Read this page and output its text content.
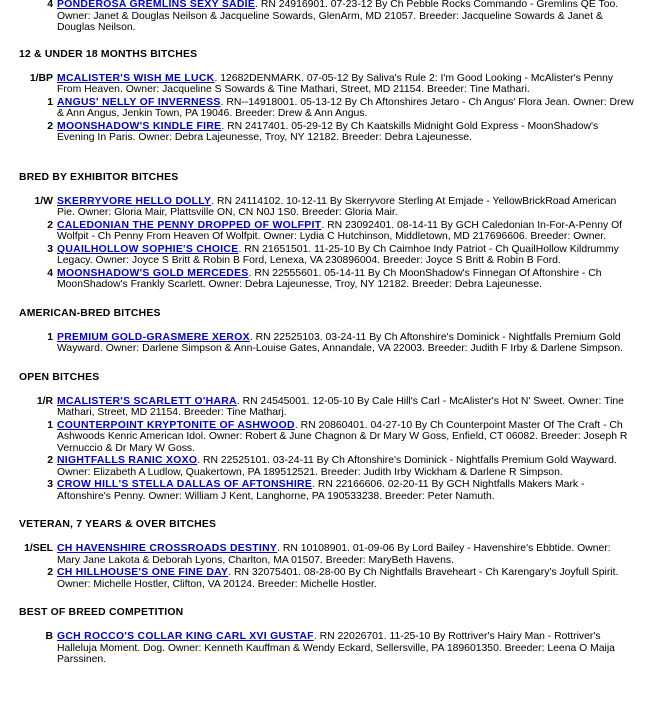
4 PONDEROSA GREMLINS SEXY SADIE. RN 24916901. 07-23-12 By Ch Pebble Rocks Commando - Gremlins QE Too. Owner: Janet & Douglas Neilson & Jacqueline Sowards, GlenArm, MD 21057. Breeder: Jacqueline Sowards & Janet & Douglas Neilson.
12 & UNDER 18 MONTHS BITCHES
1/BP MCALISTER'S WISH ME LUCK. 12682DENMARK. 07-05-12 By Saliva's Rule 2: I'm Good Looking - McAlister's Penny From Heaven. Owner: Jacqueline S Sowards & Tine Mathari, Street, MD 21154. Breeder: Tine Mathari.
1 ANGUS' NELLY OF INVERNESS. RN--14918001. 05-13-12 By Ch Aftonshires Jetaro - Ch Angus' Flora Jean. Owner: Drew & Ann Angus, Jenkin Town, PA 19046. Breeder: Drew & Ann Angus.
2 MOONSHADOW'S KINDLE FIRE. RN 2417401. 05-29-12 By Ch Kaatskills Midnight Gold Express - MoonShadow's Evening In Paris. Owner: Debra Lajeunesse, Troy, NY 12182. Breeder: Debra Lajeunesse.
BRED BY EXHIBITOR BITCHES
1/W SKERRYVORE HELLO DOLLY. RN 24114102. 10-12-11 By Skerryvore Sterling At Emjade - YellowBrickRoad American Pie. Owner: Gloria Mair, Plattsville ON, CN N0J 1S0. Breeder: Gloria Mair.
2 CALEDONIAN THE PENNY DROPPED OF WOLFPIT. RN 23092401. 08-14-11 By GCH Caledonian In-For-A-Penny Of Wolfpit - Ch Penny From Heaven Of Wolfpit. Owner: Lydia C Hutchinson, Middletown, MD 217696606. Breeder: Owner.
3 QUAILHOLLOW SOPHIE'S CHOICE. RN 21651501. 11-25-10 By Ch Caimhoe Indy Patriot - Ch QuailHollow Kildrummy Legacy. Owner: Joyce S Britt & Robin B Ford, Lenexa, VA 230896004. Breeder: Joyce S Britt & Robin B Ford.
4 MOONSHADOW'S GOLD MERCEDES. RN 22555601. 05-14-11 By Ch MoonShadow's Finnegan Of Aftonshire - Ch MoonShadow's Frankly Scarlett. Owner: Debra Lajeunesse, Troy, NY 12182. Breeder: Debra Lajeunesse.
AMERICAN-BRED BITCHES
1 PREMIUM GOLD-GRASMERE XEROX. RN 22525103. 03-24-11 By Ch Aftonshire's Dominick - Nightfalls Premium Gold Wayward. Owner: Darlene Simpson & Ann-Louise Gates, Annandale, VA 22003. Breeder: Judith F Irby & Darlene Simpson.
OPEN BITCHES
1/R MCALISTER'S SCARLETT O'HARA. RN 24545001. 12-05-10 By Cale Hill's Carl - McAlister's Hot N' Sweet. Owner: Tine Mathari, Street, MD 21154. Breeder: Tine Matharj.
1 COUNTERPOINT KRYPTONITE OF ASHWOOD. RN 20860401. 04-27-10 By Ch Counterpoint Master Of The Craft - Ch Ashwoods Kenric American Idol. Owner: Robert & June Chagnon & Dr Mary W Goss, Enfield, CT 06082. Breeder: Joseph R Vernuccio & Dr Mary W Goss.
2 NIGHTFALLS RANIC XOXO. RN 22525101. 03-24-11 By Ch Aftonshire's Dominick - Nightfalls Premium Gold Wayward. Owner: Elizabeth A Ludlow, Quakertown, PA 189512521. Breeder: Judith Irby Wickham & Darlene R Simpson.
3 CROW HILL'S STELLA DALLAS OF AFTONSHIRE. RN 22166606. 02-20-11 By GCH Nightfalls Makers Mark - Aftonshire's Penny. Owner: William J Kent, Langhorne, PA 190533238. Breeder: Peter Namuth.
VETERAN, 7 YEARS & OVER BITCHES
1/SEL CH HAVENSHIRE CROSSROADS DESTINY. RN 10108901. 01-09-06 By Lord Bailey - Havenshire's Ebbtide. Owner: Mary Jane Lakota & Deborah Lyons, Charlton, MA 01507. Breeder: MaryBeth Havens.
2 CH HILLHOUSE'S ONE FINE DAY. RN 32075401. 08-28-00 By Ch Nightfalls Braveheart - Ch Karengary's Joyfull Spirit. Owner: Michelle Hostler, Clifton, VA 20124. Breeder: Michelle Hostler.
BEST OF BREED COMPETITION
B GCH ROCCO'S COLLAR KING CARL XVI GUSTAF. RN 22026701. 11-25-10 By Rottriver's Hairy Man - Rottriver's Halleluja Moment. Dog. Owner: Kenneth Kauffman & Wendy Eckard, Sellersville, PA 189601350. Breeder: Leena O Maija Parssinen.
